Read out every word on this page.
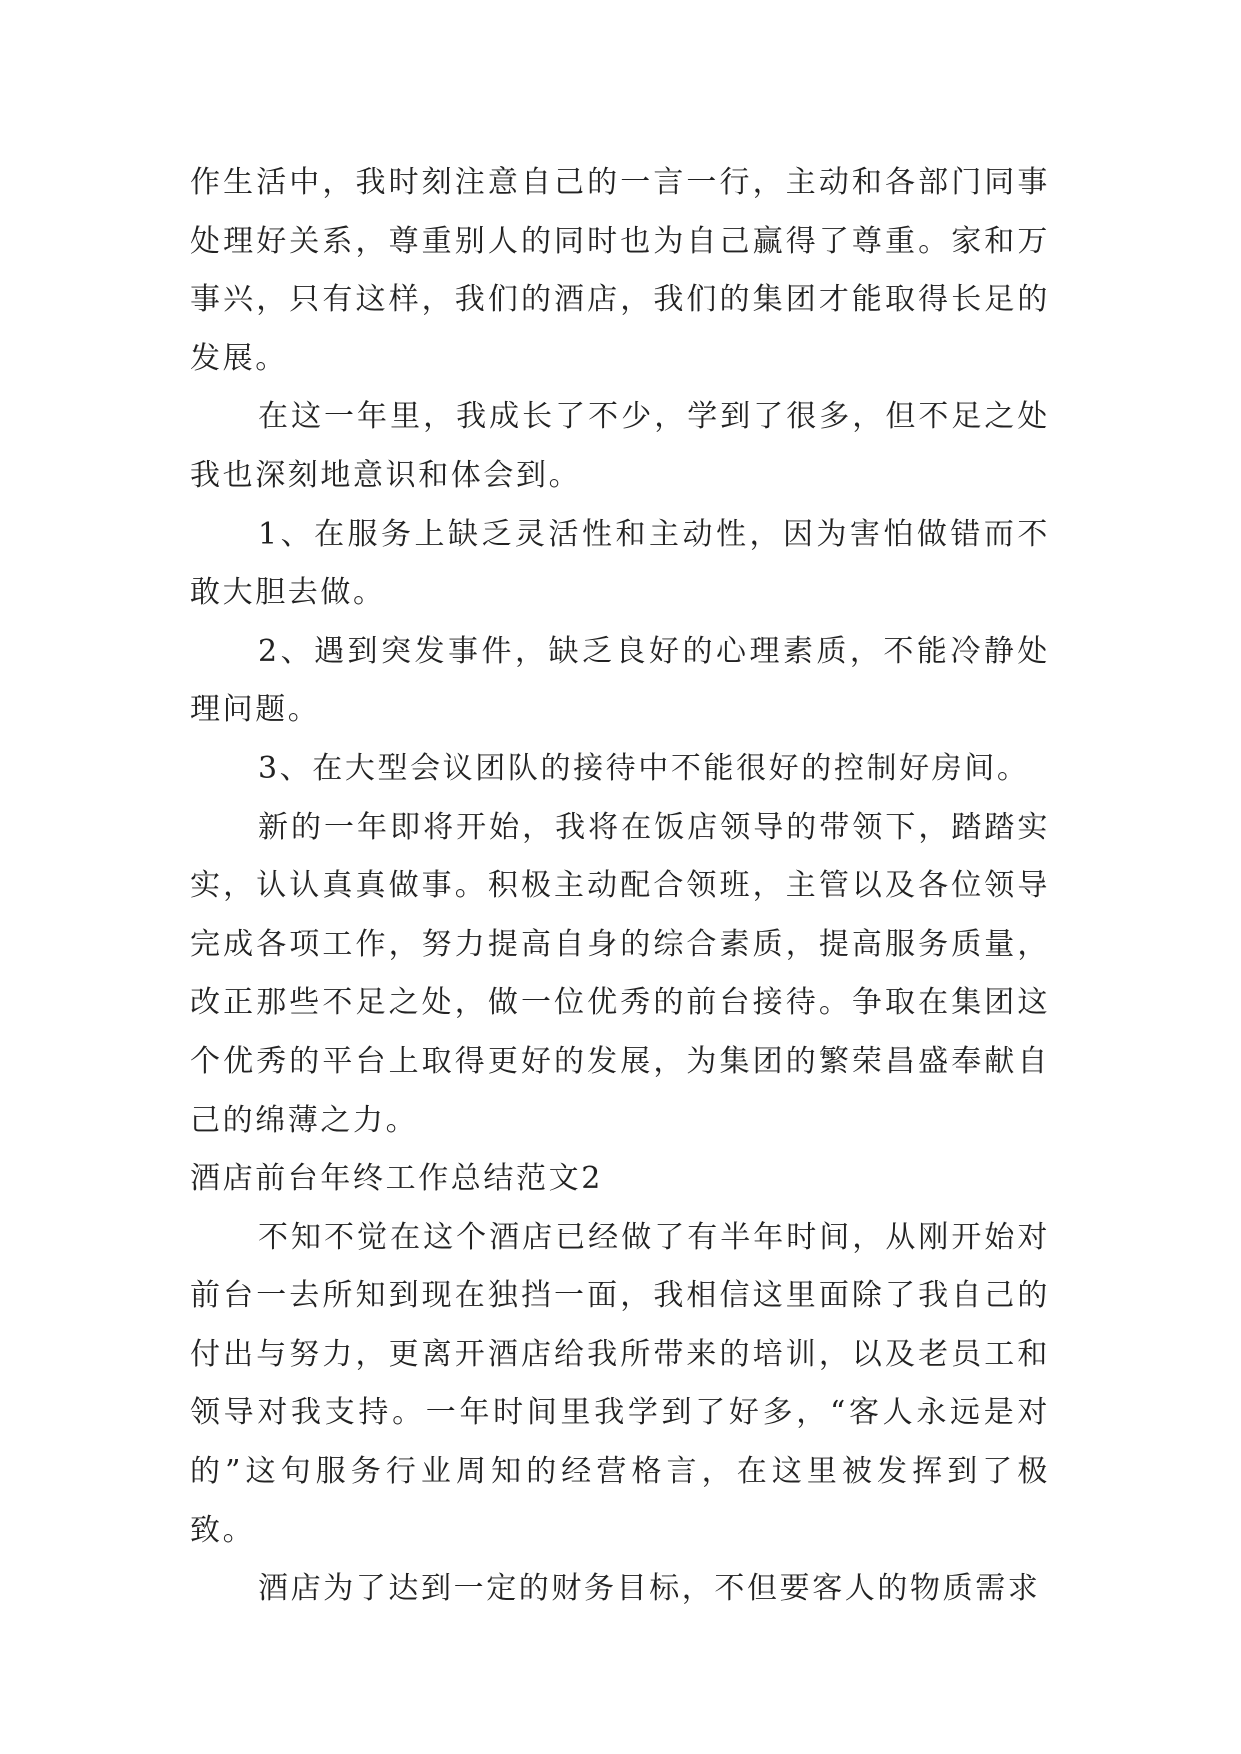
作生活中，我时刻注意自己的一言一行，主动和各部门同事处理好关系，尊重别人的同时也为自己赢得了尊重。家和万事兴，只有这样，我们的酒店，我们的集团才能取得长足的发展。

在这一年里，我成长了不少，学到了很多，但不足之处我也深刻地意识和体会到。

1、在服务上缺乏灵活性和主动性，因为害怕做错而不敢大胆去做。

2、遇到突发事件，缺乏良好的心理素质，不能冷静处理问题。

3、在大型会议团队的接待中不能很好的控制好房间。

新的一年即将开始，我将在饭店领导的带领下，踏踏实实，认认真真做事。积极主动配合领班，主管以及各位领导完成各项工作，努力提高自身的综合素质，提高服务质量，改正那些不足之处，做一位优秀的前台接待。争取在集团这个优秀的平台上取得更好的发展，为集团的繁荣昌盛奉献自己的绵薄之力。

酒店前台年终工作总结范文2

不知不觉在这个酒店已经做了有半年时间，从刚开始对前台一去所知到现在独挡一面，我相信这里面除了我自己的付出与努力，更离开酒店给我所带来的培训，以及老员工和领导对我支持。一年时间里我学到了好多，“客人永远是对的”这句服务行业周知的经营格言，在这里被发挥到了极致。

酒店为了达到一定的财务目标，不但要客人的物质需求
